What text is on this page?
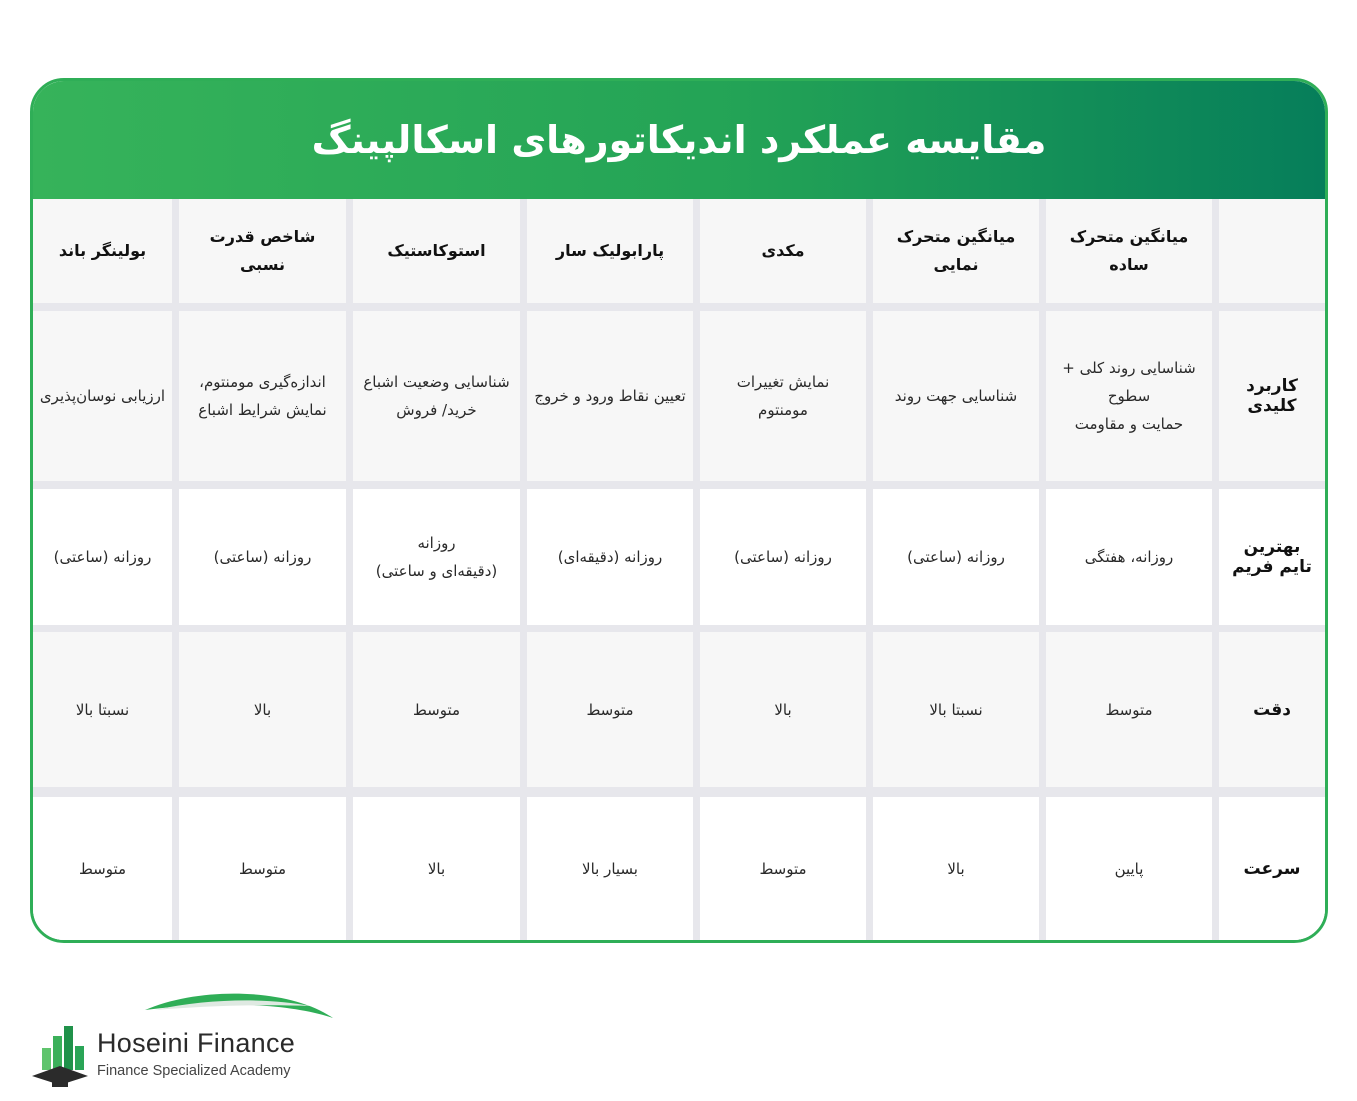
مقایسه عملکرد اندیکاتورهای اسکالپینگ
میانگین متحرک ساده
میانگین متحرک نمایی
مکدی
پارابولیک سار
استوکاستیک
شاخص قدرت نسبی
بولینگر باند
کاربرد کلیدی
شناسایی روند کلی +
سطوح
حمایت و مقاومت
شناسایی جهت روند
نمایش تغییرات
مومنتوم
تعیین نقاط ورود و خروج
شناسایی وضعیت اشباع
خرید/ فروش
اندازه‌گیری مومنتوم،
نمایش شرایط اشباع
ارزیابی نوسان‌پذیری
بهترین تایم فریم
روزانه، هفتگی
روزانه (ساعتی)
روزانه (ساعتی)
روزانه (دقیقه‌ای)
روزانه
(دقیقه‌ای و ساعتی)
روزانه (ساعتی)
روزانه (ساعتی)
دقت
متوسط
نسبتا بالا
بالا
متوسط
متوسط
بالا
نسبتا بالا
سرعت
پایین
بالا
متوسط
بسیار بالا
بالا
متوسط
متوسط
Hoseini Finance
Finance Specialized Academy
